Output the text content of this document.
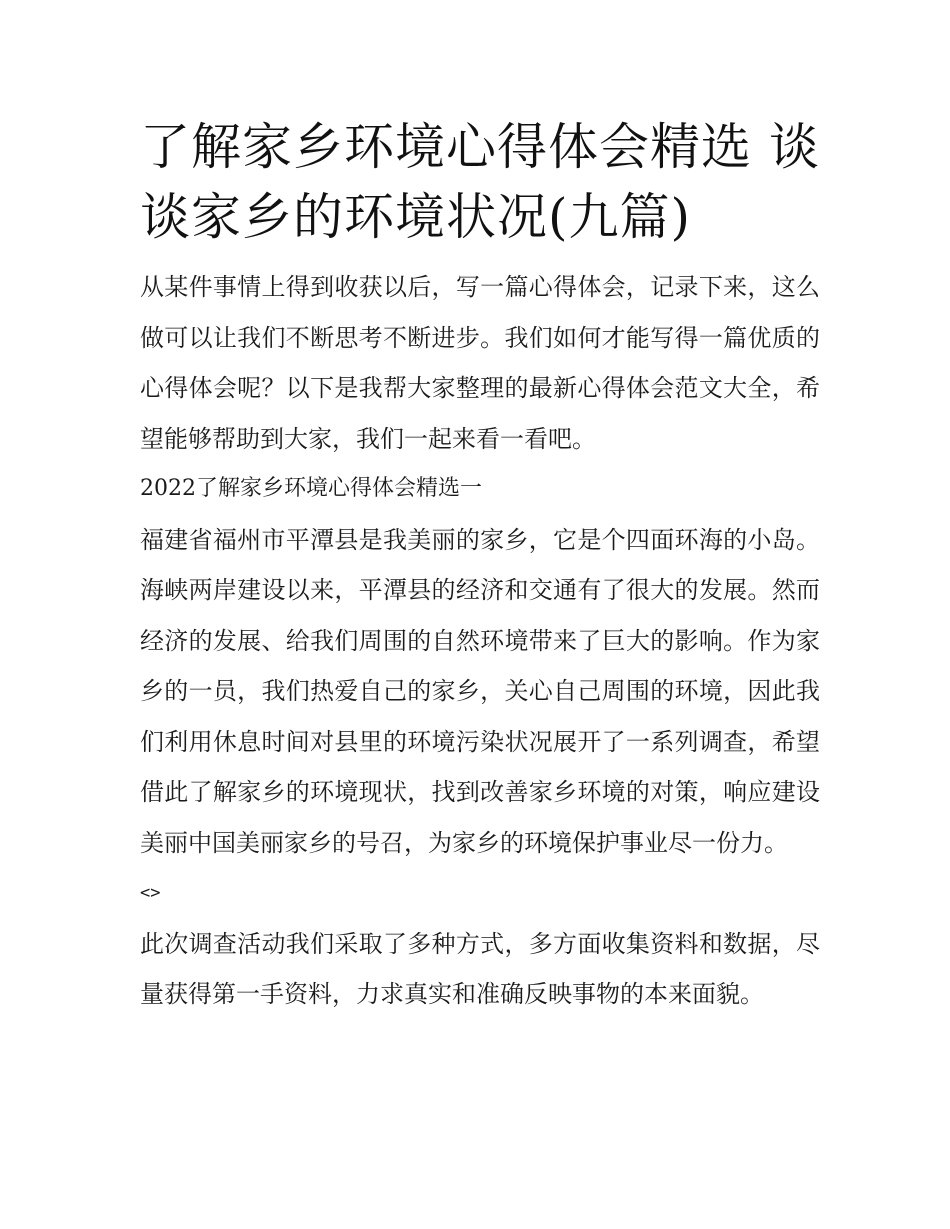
了解家乡环境心得体会精选 谈谈家乡的环境状况(九篇)

从某件事情上得到收获以后，写一篇心得体会，记录下来，这么做可以让我们不断思考不断进步。我们如何才能写得一篇优质的心得体会呢？以下是我帮大家整理的最新心得体会范文大全，希望能够帮助到大家，我们一起来看一看吧。

2022了解家乡环境心得体会精选一

福建省福州市平潭县是我美丽的家乡，它是个四面环海的小岛。海峡两岸建设以来，平潭县的经济和交通有了很大的发展。然而经济的发展、给我们周围的自然环境带来了巨大的影响。作为家乡的一员，我们热爱自己的家乡，关心自己周围的环境，因此我们利用休息时间对县里的环境污染状况展开了一系列调查，希望借此了解家乡的环境现状，找到改善家乡环境的对策，响应建设美丽中国美丽家乡的号召，为家乡的环境保护事业尽一份力。

<>

此次调查活动我们采取了多种方式，多方面收集资料和数据，尽量获得第一手资料，力求真实和准确反映事物的本来面貌。
